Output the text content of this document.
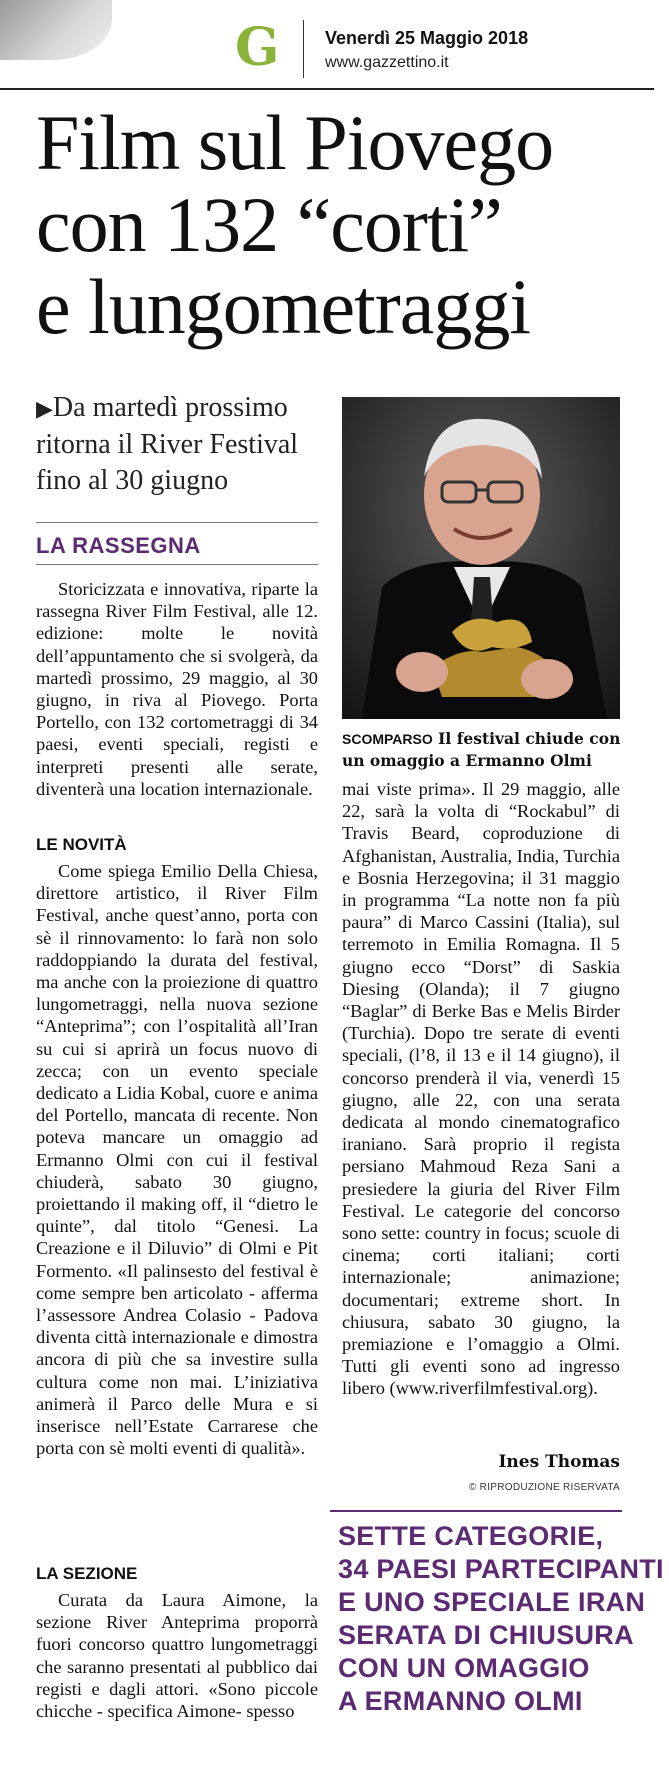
G	Venerdì 25 Maggio 2018
www.gazzettino.it
Film sul Piovego
con 132 “corti”
e lungometraggi
▶Da martedì prossimo ritorna il River Festival fino al 30 giugno
LA RASSEGNA

Storicizzata e innovativa, riparte la rassegna River Film Festival, alle 12. edizione: molte le novità dell’appuntamento che si svolgerà, da martedì prossimo, 29 maggio, al 30 giugno, in riva al Piovego. Porta Portello, con 132 cortometraggi di 34 paesi, eventi speciali, registi e interpreti presenti alle serate, diventerà una location internazionale.

LE NOVITÀ

Come spiega Emilio Della Chiesa, direttore artistico, il River Film Festival, anche quest’anno, porta con sè il rinnovamento: lo farà non solo raddoppiando la durata del festival, ma anche con la proiezione di quattro lungometraggi, nella nuova sezione “Anteprima”; con l’ospitalità all’Iran su cui si aprirà un focus nuovo di zecca; con un evento speciale dedicato a Lidia Kobal, cuore e anima del Portello, mancata di recente. Non poteva mancare un omaggio ad Ermanno Olmi con cui il festival chiuderà, sabato 30 giugno, proiettando il making off, il “dietro le quinte”, dal titolo “Genesi. La Creazione e il Diluvio” di Olmi e Pit Formento. «Il palinsesto del festival è come sempre ben articolato - afferma l’assessore Andrea Colasio - Padova diventa città internazionale e dimostra ancora di più che sa investire sulla cultura come non mai. L’iniziativa animerà il Parco delle Mura e si inserisce nell’Estate Carrarese che porta con sè molti eventi di qualità».

LA SEZIONE

Curata da Laura Aimone, la sezione River Anteprima proporrà fuori concorso quattro lungometraggi che saranno presentati al pubblico dai registi e dagli attori. «Sono piccole chicche - specifica Aimone- spesso

SCOMPARSO Il festival chiude con un omaggio a Ermanno Olmi

mai viste prima». Il 29 maggio, alle 22, sarà la volta di “Rockabul” di Travis Beard, coproduzione di Afghanistan, Australia, India, Turchia e Bosnia Herzegovina; il 31 maggio in programma “La notte non fa più paura” di Marco Cassini (Italia), sul terremoto in Emilia Romagna. Il 5 giugno ecco “Dorst” di Saskia Diesing (Olanda); il 7 giugno “Baglar” di Berke Bas e Melis Birder (Turchia). Dopo tre serate di eventi speciali, (l’8, il 13 e il 14 giugno), il concorso prenderà il via, venerdì 15 giugno, alle 22, con una serata dedicata al mondo cinematografico iraniano. Sarà proprio il regista persiano Mahmoud Reza Sani a presiedere la giuria del River Film Festival. Le categorie del concorso sono sette: country in focus; scuole di cinema; corti italiani; corti internazionale; animazione; documentari; extreme short. In chiusura, sabato 30 giugno, la premiazione e l’omaggio a Olmi. Tutti gli eventi sono ad ingresso libero (www.riverfilmfestival.org).

Ines Thomas
© RIPRODUZIONE RISERVATA
SETTE CATEGORIE,
34 PAESI PARTECIPANTI
E UNO SPECIALE IRAN
SERATA DI CHIUSURA
CON UN OMAGGIO
A ERMANNO OLMI
